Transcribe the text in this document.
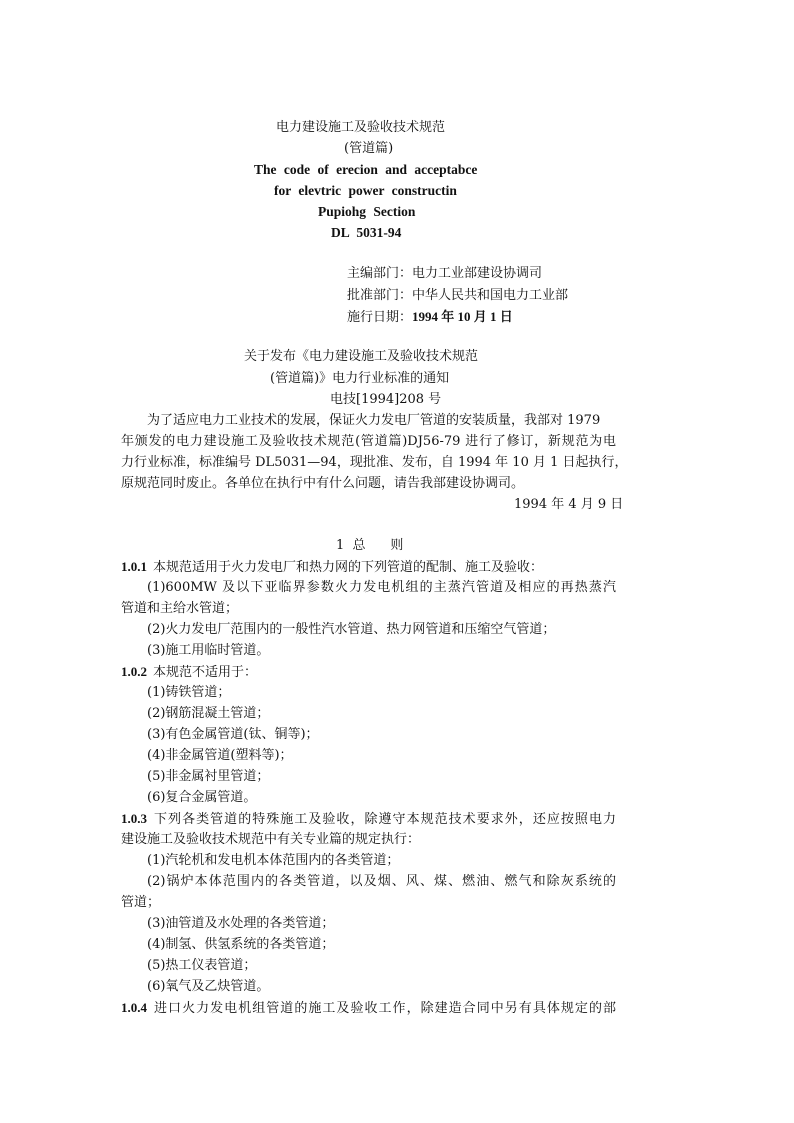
电力建设施工及验收技术规范
(管道篇)
The code of erecion and acceptabce
for elevtric power constructin
Pupiohg Section
DL 5031-94
主编部门：电力工业部建设协调司
批准部门：中华人民共和国电力工业部
施行日期：1994 年 10 月 1 日
关于发布《电力建设施工及验收技术规范
(管道篇)》电力行业标准的通知
电技[1994]208 号
为了适应电力工业技术的发展，保证火力发电厂管道的安装质量，我部对 1979
年颁发的电力建设施工及验收技术规范(管道篇)DJ56-79 进行了修订，新规范为电
力行业标准，标准编号 DL5031—94，现批准、发布，自 1994 年 10 月 1 日起执行，
原规范同时废止。各单位在执行中有什么问题，请告我部建设协调司。
1994 年 4 月 9 日
1  总      则
1.0.1 本规范适用于火力发电厂和热力网的下列管道的配制、施工及验收：
(1)600MW 及以下亚临界参数火力发电机组的主蒸汽管道及相应的再热蒸汽
管道和主给水管道；
(2)火力发电厂范围内的一般性汽水管道、热力网管道和压缩空气管道；
(3)施工用临时管道。
1.0.2 本规范不适用于：
(1)铸铁管道；
(2)钢筋混凝土管道；
(3)有色金属管道(钛、铜等)；
(4)非金属管道(塑料等)；
(5)非金属衬里管道；
(6)复合金属管道。
1.0.3 下列各类管道的特殊施工及验收，除遵守本规范技术要求外，还应按照电力
建设施工及验收技术规范中有关专业篇的规定执行：
(1)汽轮机和发电机本体范围内的各类管道；
(2)锅炉本体范围内的各类管道，以及烟、风、煤、燃油、燃气和除灰系统的
管道；
(3)油管道及水处理的各类管道；
(4)制氢、供氢系统的各类管道；
(5)热工仪表管道；
(6)氧气及乙炔管道。
1.0.4 进口火力发电机组管道的施工及验收工作，除建造合同中另有具体规定的部
